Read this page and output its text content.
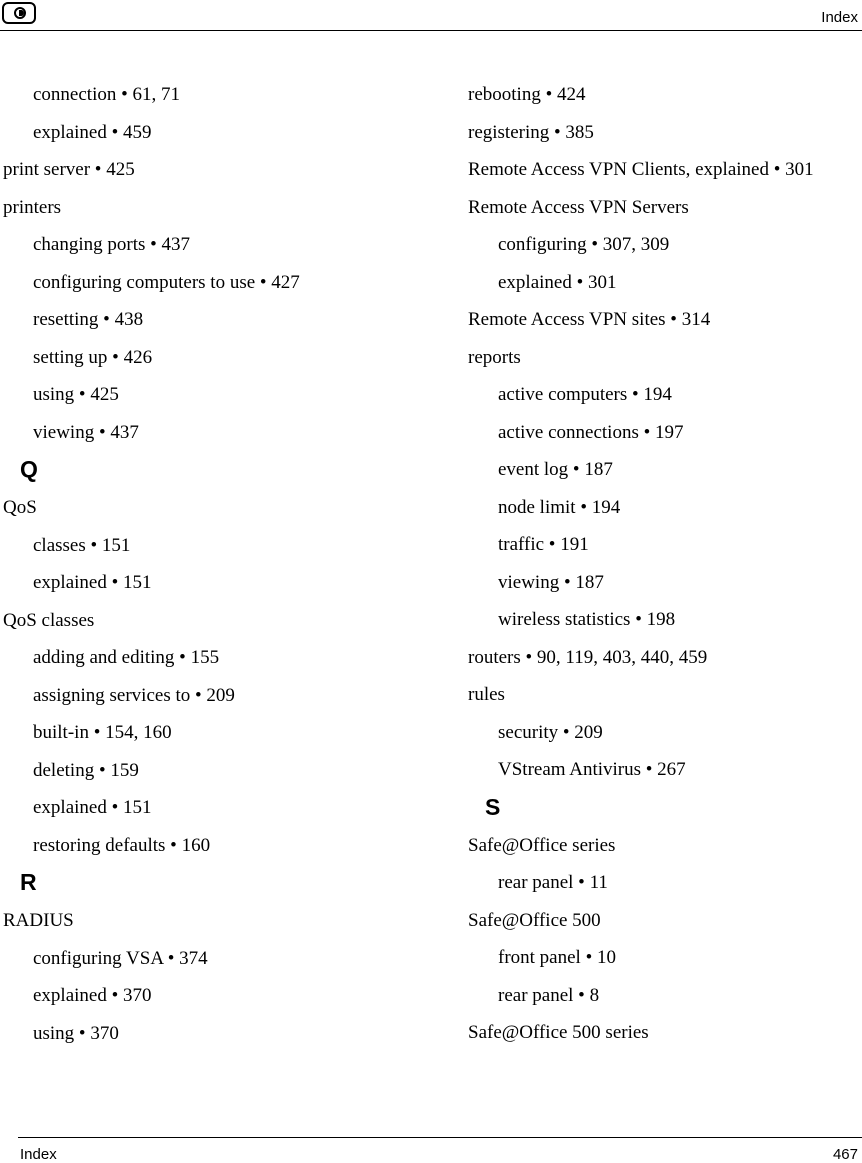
Index
connection • 61, 71
explained • 459
print server • 425
printers
changing ports • 437
configuring computers to use • 427
resetting • 438
setting up • 426
using • 425
viewing • 437
Q
QoS
classes • 151
explained • 151
QoS classes
adding and editing • 155
assigning services to • 209
built-in • 154, 160
deleting • 159
explained • 151
restoring defaults • 160
R
RADIUS
configuring VSA • 374
explained • 370
using • 370
rebooting • 424
registering • 385
Remote Access VPN Clients, explained • 301
Remote Access VPN Servers
configuring • 307, 309
explained • 301
Remote Access VPN sites • 314
reports
active computers • 194
active connections • 197
event log • 187
node limit • 194
traffic • 191
viewing • 187
wireless statistics • 198
routers • 90, 119, 403, 440, 459
rules
security • 209
VStream Antivirus • 267
S
Safe@Office series
rear panel • 11
Safe@Office 500
front panel • 10
rear panel • 8
Safe@Office 500 series
Index	467
